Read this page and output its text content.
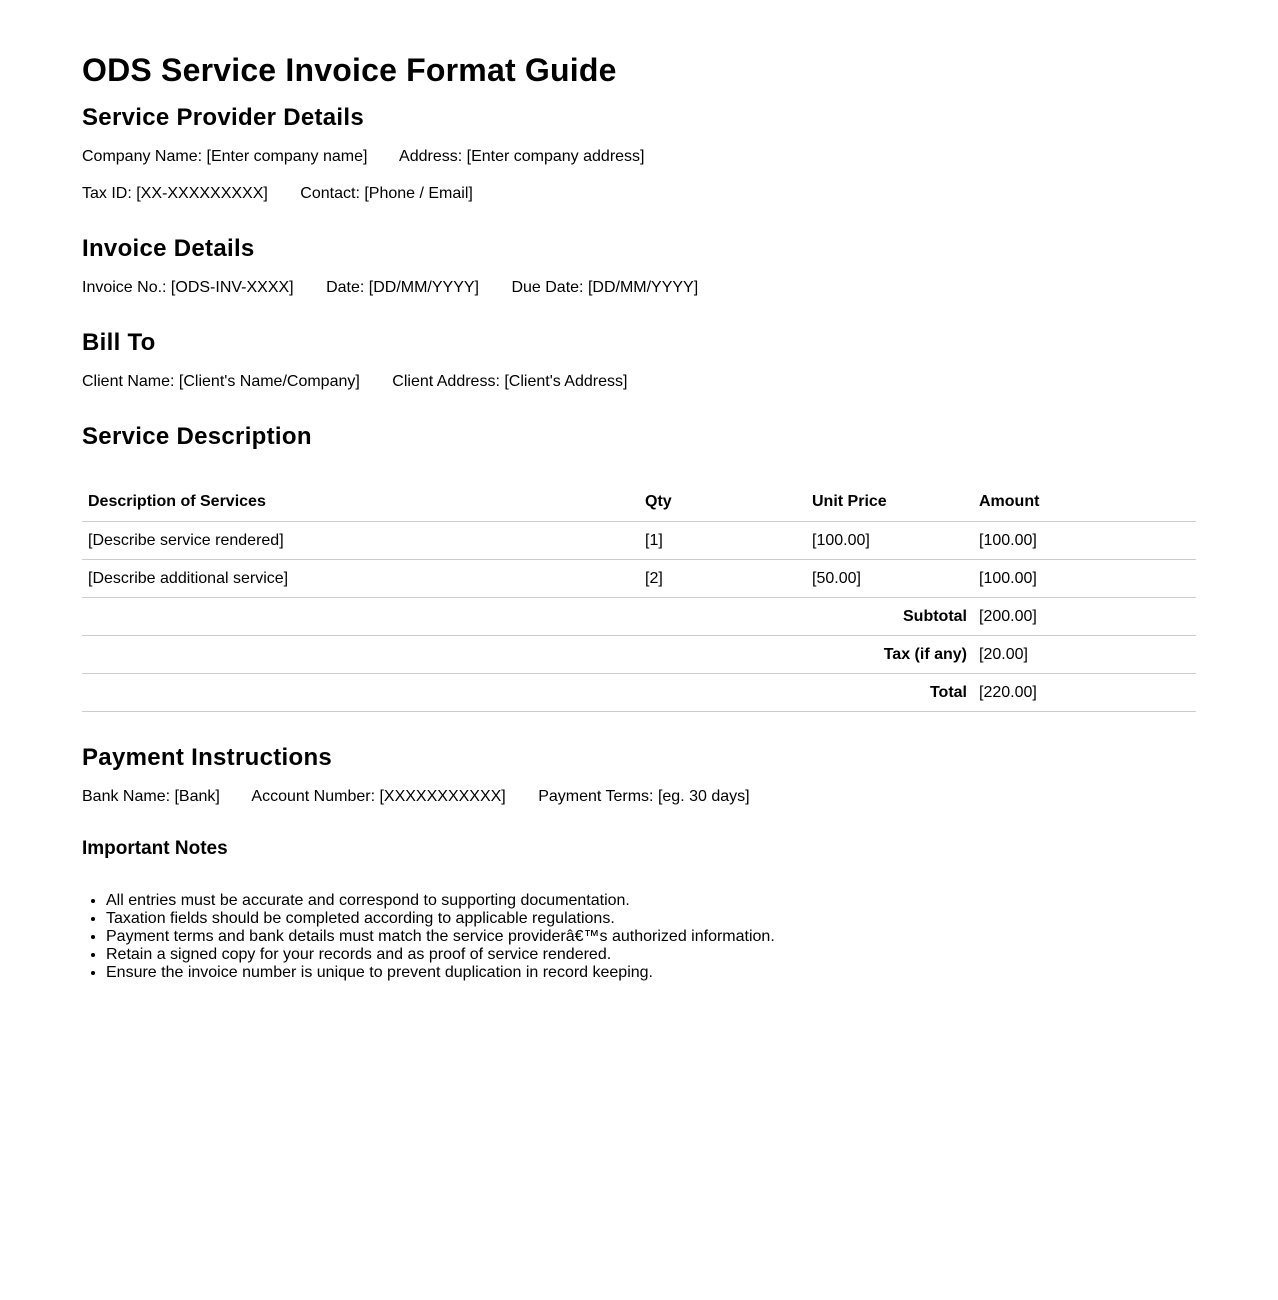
ODS Service Invoice Format Guide
Service Provider Details
Company Name: [Enter company name] Address: [Enter company address]
Tax ID: [XX-XXXXXXXXX] Contact: [Phone / Email]
Invoice Details
Invoice No.: [ODS-INV-XXXX] Date: [DD/MM/YYYY] Due Date: [DD/MM/YYYY]
Bill To
Client Name: [Client's Name/Company] Client Address: [Client's Address]
Service Description
Description of Services	Qty	Unit Price	Amount
[Describe service rendered]	[1]	[100.00]	[100.00]
[Describe additional service]	[2]	[50.00]	[100.00]
Subtotal			[200.00]
Tax (if any)			[20.00]
Total			[220.00]
Payment Instructions
Bank Name: [Bank] Account Number: [XXXXXXXXXXX] Payment Terms: [eg. 30 days]
Important Notes
• All entries must be accurate and correspond to supporting documentation.
• Taxation fields should be completed according to applicable regulations.
• Payment terms and bank details must match the service providerâ€™s authorized information.
• Retain a signed copy for your records and as proof of service rendered.
• Ensure the invoice number is unique to prevent duplication in record keeping.
